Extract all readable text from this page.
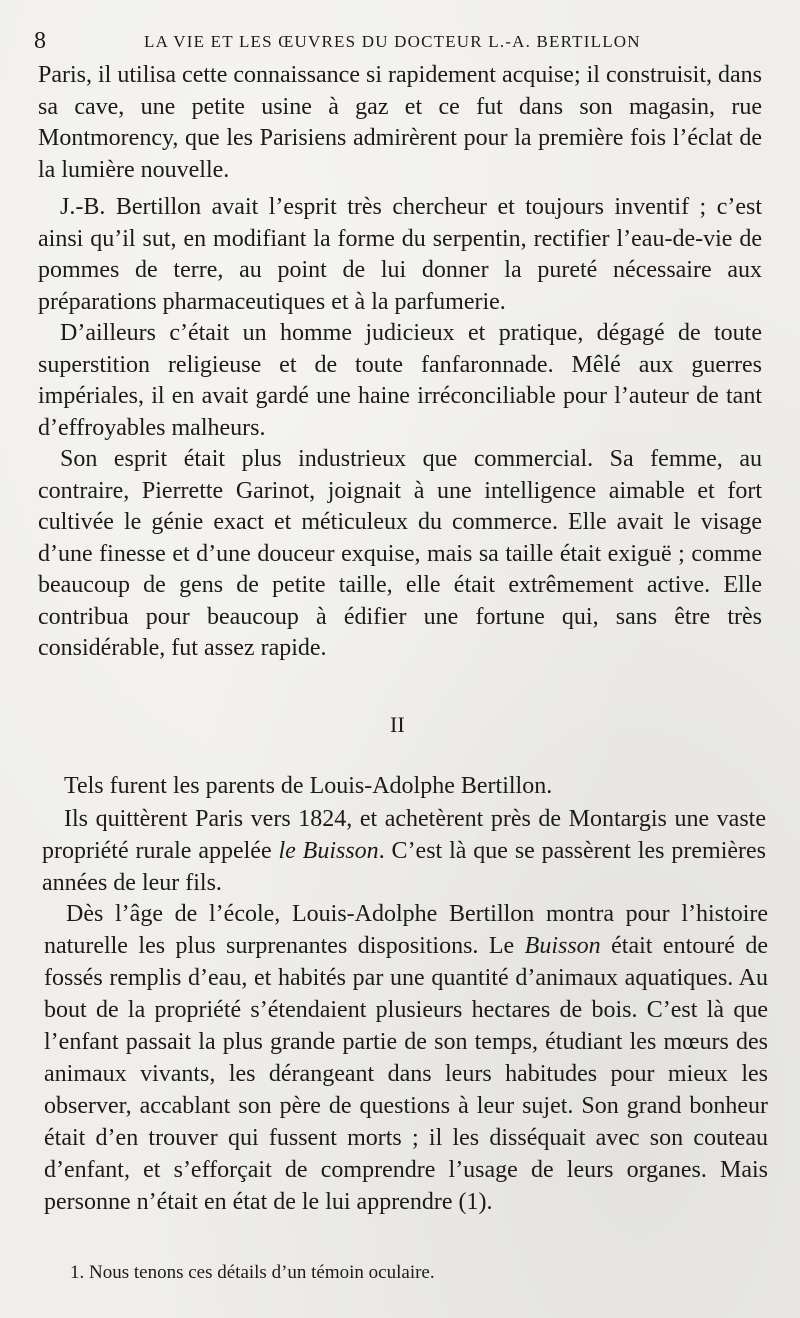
8	LA VIE ET LES ŒUVRES DU DOCTEUR L.-A. BERTILLON

Paris, il utilisa cette connaissance si rapidement acquise; il construisit, dans sa cave, une petite usine à gaz et ce fut dans son magasin, rue Montmorency, que les Parisiens admirèrent pour la première fois l’éclat de la lumière nouvelle.

J.-B. Bertillon avait l’esprit très chercheur et toujours inventif ; c’est ainsi qu’il sut, en modifiant la forme du serpentin, rectifier l’eau-de-vie de pommes de terre, au point de lui donner la pureté nécessaire aux préparations pharmaceutiques et à la parfumerie.

D’ailleurs c’était un homme judicieux et pratique, dégagé de toute superstition religieuse et de toute fanfaronnade. Mêlé aux guerres impériales, il en avait gardé une haine irréconciliable pour l’auteur de tant d’effroyables malheurs.

Son esprit était plus industrieux que commercial. Sa femme, au contraire, Pierrette Garinot, joignait à une intelligence aimable et fort cultivée le génie exact et méticuleux du commerce. Elle avait le visage d’une finesse et d’une douceur exquise, mais sa taille était exiguë ; comme beaucoup de gens de petite taille, elle était extrêmement active. Elle contribua pour beaucoup à édifier une fortune qui, sans être très considérable, fut assez rapide.

II

Tels furent les parents de Louis-Adolphe Bertillon.

Ils quittèrent Paris vers 1824, et achetèrent près de Montargis une vaste propriété rurale appelée le Buisson. C’est là que se passèrent les premières années de leur fils.

Dès l’âge de l’école, Louis-Adolphe Bertillon montra pour l’histoire naturelle les plus surprenantes dispositions. Le Buisson était entouré de fossés remplis d’eau, et habités par une quantité d’animaux aquatiques. Au bout de la propriété s’étendaient plusieurs hectares de bois. C’est là que l’enfant passait la plus grande partie de son temps, étudiant les mœurs des animaux vivants, les dérangeant dans leurs habitudes pour mieux les observer, accablant son père de questions à leur sujet. Son grand bonheur était d’en trouver qui fussent morts ; il les disséquait avec son couteau d’enfant, et s’efforçait de comprendre l’usage de leurs organes. Mais personne n’était en état de le lui apprendre (1).

1. Nous tenons ces détails d’un témoin oculaire.
